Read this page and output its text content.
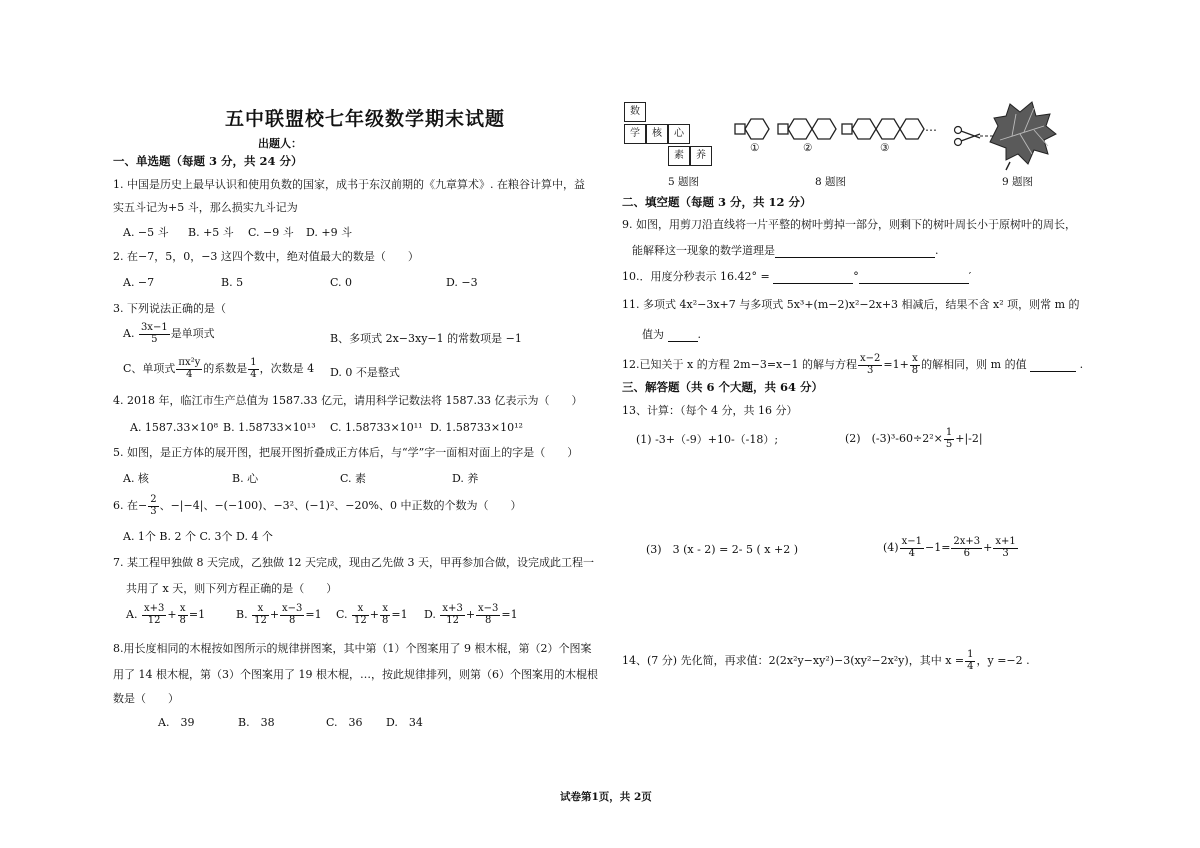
五中联盟校七年级数学期末试题
出题人：
一、单选题（每题 3 分，共 24 分）
1. 中国是历史上最早认识和使用负数的国家，成书于东汉前期的《九章算术》. 在粮谷计算中，益
实五斗记为+5 斗，那么损实九斗记为
A. −5 斗 B. +5 斗 C. −9 斗 D. +9 斗
2. 在−7，5，0，−3 这四个数中，绝对值最大的数是（　　）
A. −7	B. 5	C. 0	D. −3
3. 下列说法正确的是（
A. $\frac{3x-1}{5}$ 是单项式	B、多项式 2x−3xy−1 的常数项是 −1
C、单项式 $\frac{\text{πx²y}}{4}$ 的系数是 $\frac{1}{4}$ ，次数是 4 D. 0 不是整式
4. 2018 年，临江市生产总值为 1587.33 亿元，请用科学记数法将 1587.33 亿表示为（　　）
A. 1587.33×10⁸ B. 1.58733×10¹³ C. 1.58733×10¹¹ D. 1.58733×10¹²
5. 如图，是正方体的展开图，把展开图折叠成正方体后，与“学”字一面相对面上的字是（　　）
A. 核	B. 心	C. 素	D. 养
6. 在− $\frac{2}{3}$ 、−|−4|、−(−100)、−3²、(−1)²、−20%、0 中正数的个数为（　　）
A. 1个 B. 2 个 C. 3个 D. 4 个
7. 某工程甲独做 8 天完成，乙独做 12 天完成，现由乙先做 3 天，甲再参加合做，设完成此工程一
共用了 x 天，则下列方程正确的是（　　）
A. $\frac{x+3}{12} + \frac{x}{8} =1$	B. $\frac{x}{12} + \frac{x-3}{8} =1$ C. $\frac{x}{12} + \frac{x}{8} =1$ D. $\frac{x+3}{12} + \frac{x-3}{8} =1$
8.用长度相同的木棍按如图所示的规律拼图案，其中第（1）个图案用了 9 根木棍，第（2）个图案
用了 14 根木棍，第（3）个图案用了 19 根木棍，…，按此规律排列，则第（6）个图案用的木棍根
数是（　　）
A.　39	B.　38	C.　36 D.　34
数
学	核	心
素	养
5 题图
…
①	②	③
8 题图	9 题图
二、填空题（每题 3 分，共 12 分）
9. 如图，用剪刀沿直线将一片平整的树叶剪掉一部分，则剩下的树叶周长小于原树叶的周长，
能解释这一现象的数学道理是	.
10.．用度分秒表示 16.42° =	°	′
11. 多项式 4x²−3x+7 与多项式 5x³+(m−2)x²−2x+3 相减后，结果不含 x² 项，则常 m 的
值为	.
12.已知关于 x 的方程 2m−3=x−1 的解与方程 $\frac{x-2}{3} =1+ \frac{x}{8}$ 的解相同，则 m 的值	.
三、解答题（共 6 个大题，共 64 分）
13、计算：（每个 4 分，共 16 分）
(1) -3+（-9）+10-（-18）;	(2)　$(-3)^3-60\div 2^2\times \frac{1}{5} +|-2|$
(3)　3 (x - 2) = 2- 5 ( x +2 )	$(4) \frac{x-1}{4} -1= \frac{2x+3}{6} + \frac{x+1}{3}$
14、(7 分) 先化简，再求值：2(2x²y−xy²)−3(xy²−2x²y)，其中 $x = \frac{1}{4}$ ，y =−2 .
试卷第1页，共 2页
